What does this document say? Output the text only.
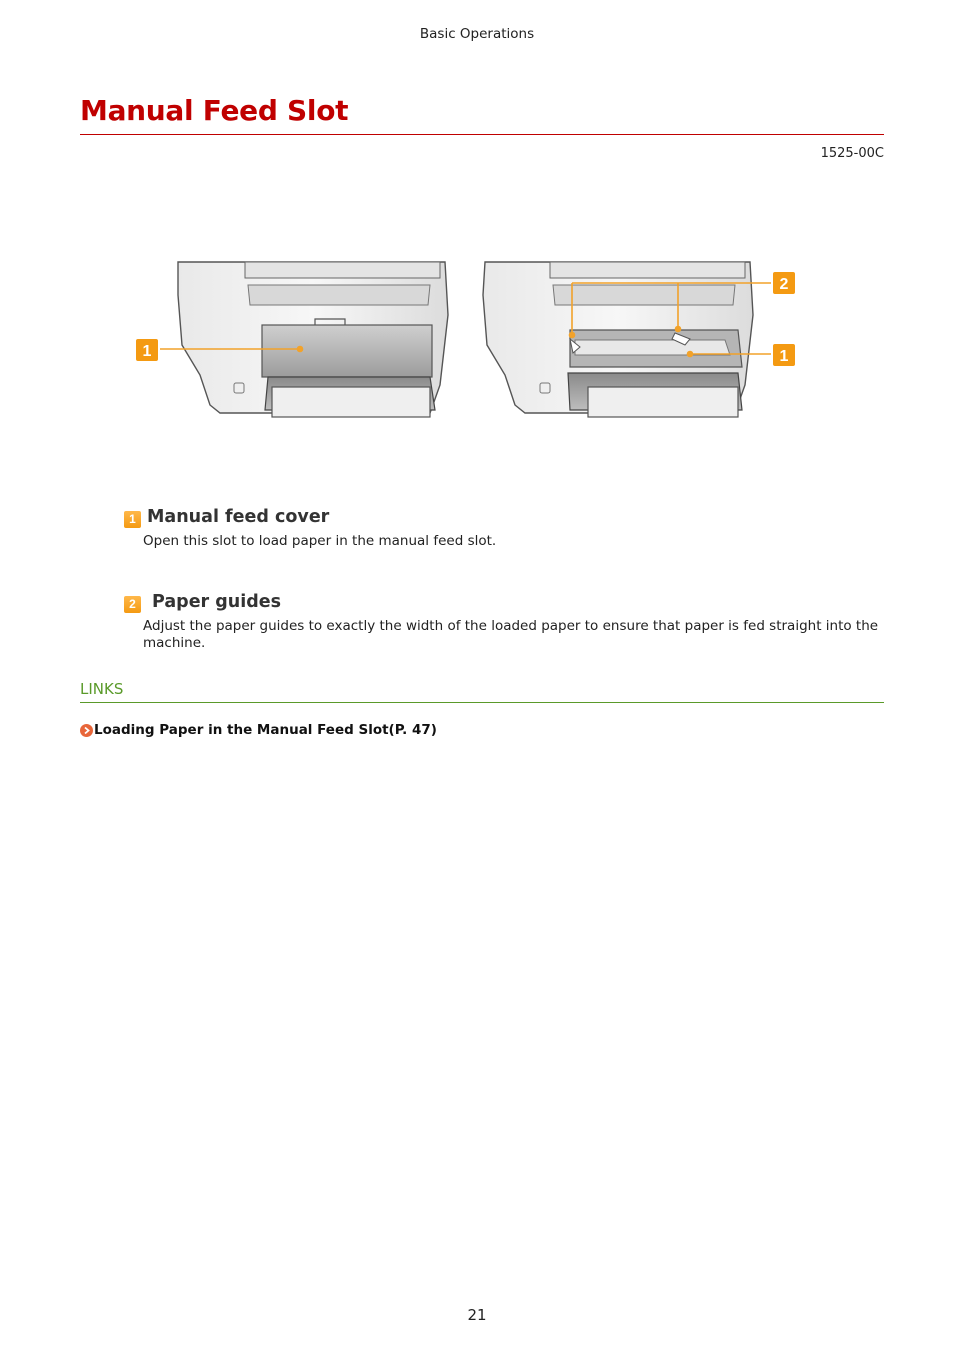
Basic Operations
Manual Feed Slot
1525-00C
1
2
1
1 Manual feed cover
Open this slot to load paper in the manual feed slot.
2 Paper guides
Adjust the paper guides to exactly the width of the loaded paper to ensure that paper is fed straight into the machine.
LINKS
Loading Paper in the Manual Feed Slot(P. 47)
21
